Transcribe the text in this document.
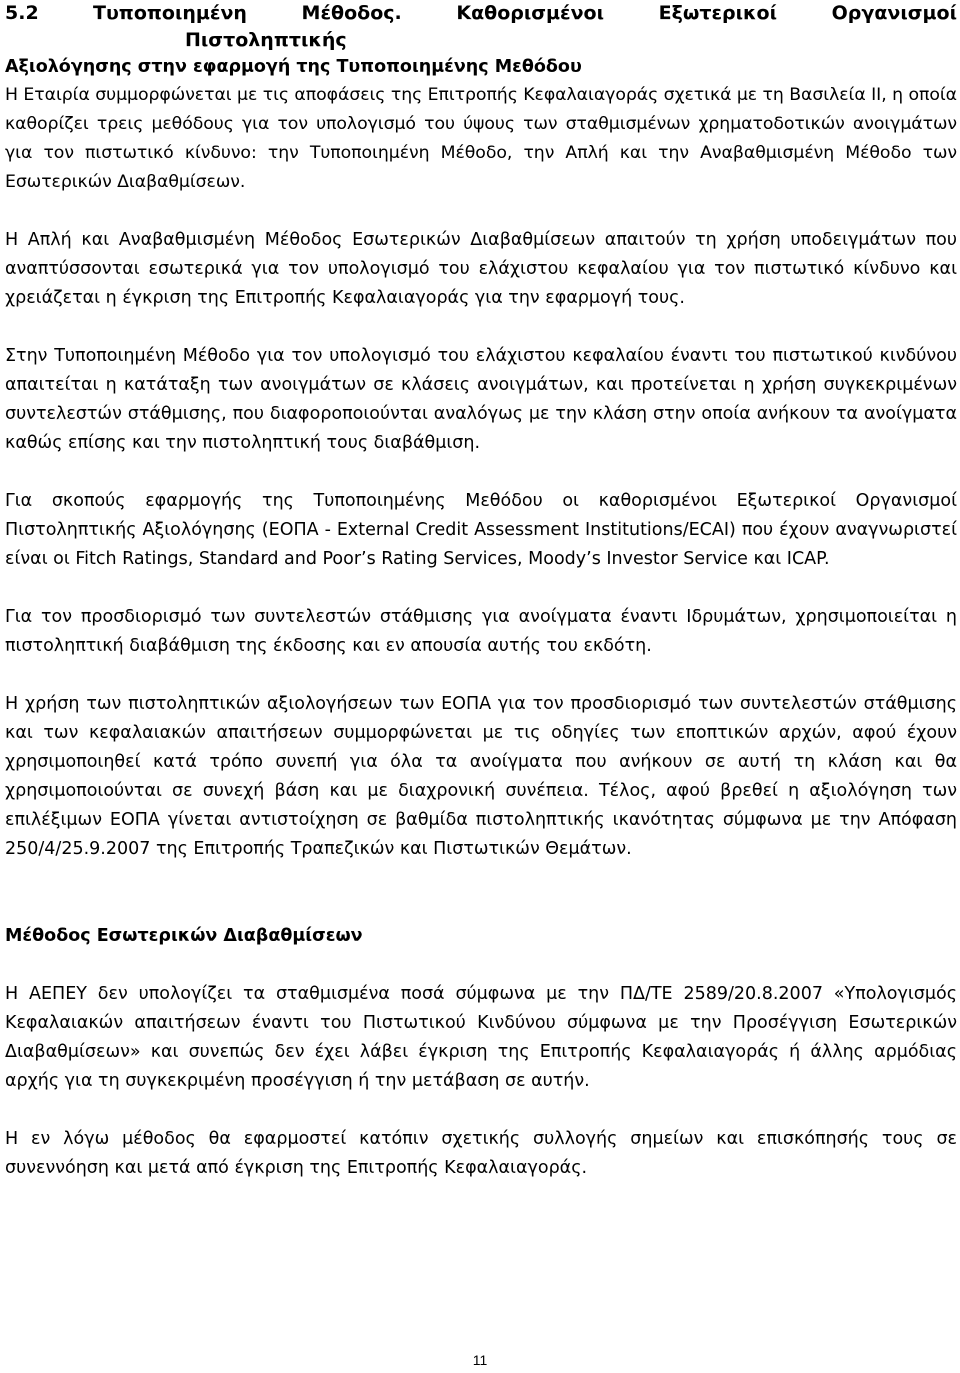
5.2	Τυποποιημένη	Μέθοδος.	Καθορισμένοι	Εξωτερικοί	Οργανισμοί
Πιστοληπτικής
Αξιολόγησης στην εφαρμογή της Τυποποιημένης Μεθόδου

Η Εταιρία συμμορφώνεται με τις αποφάσεις της Επιτροπής Κεφαλαιαγοράς σχετικά με τη Βασιλεία ΙΙ, η οποία καθορίζει τρεις μεθόδους για τον υπολογισμό του ύψους των σταθμισμένων χρηματοδοτικών ανοιγμάτων για τον πιστωτικό κίνδυνο: την Τυποποιημένη Μέθοδο, την Απλή και την Αναβαθμισμένη Μέθοδο των Εσωτερικών Διαβαθμίσεων.

Η Απλή και Αναβαθμισμένη Μέθοδος Εσωτερικών Διαβαθμίσεων απαιτούν τη χρήση υποδειγμάτων που αναπτύσσονται εσωτερικά για τον υπολογισμό του ελάχιστου κεφαλαίου για τον πιστωτικό κίνδυνο και χρειάζεται η έγκριση της Επιτροπής Κεφαλαιαγοράς για την εφαρμογή τους.

Στην Τυποποιημένη Μέθοδο για τον υπολογισμό του ελάχιστου κεφαλαίου έναντι του πιστωτικού κινδύνου απαιτείται η κατάταξη των ανοιγμάτων σε κλάσεις ανοιγμάτων, και προτείνεται η χρήση συγκεκριμένων συντελεστών στάθμισης, που διαφοροποιούνται αναλόγως με την κλάση στην οποία ανήκουν τα ανοίγματα καθώς επίσης και την πιστοληπτική τους διαβάθμιση.

Για σκοπούς εφαρμογής της Τυποποιημένης Μεθόδου οι καθορισμένοι Εξωτερικοί Οργανισμοί Πιστοληπτικής Αξιολόγησης (ΕΟΠΑ - External Credit Assessment Institutions/ECAI) που έχουν αναγνωριστεί είναι οι Fitch Ratings, Standard and Poor’s Rating Services, Moody’s Investor Service και ICAP.

Για τον προσδιορισμό των συντελεστών στάθμισης για ανοίγματα έναντι Ιδρυμάτων, χρησιμοποιείται η πιστοληπτική διαβάθμιση της έκδοσης και εν απουσία αυτής του εκδότη.

Η χρήση των πιστοληπτικών αξιολογήσεων των ΕΟΠΑ για τον προσδιορισμό των συντελεστών στάθμισης και των κεφαλαιακών απαιτήσεων συμμορφώνεται με τις οδηγίες των εποπτικών αρχών, αφού έχουν χρησιμοποιηθεί κατά τρόπο συνεπή για όλα τα ανοίγματα που ανήκουν σε αυτή τη κλάση και θα χρησιμοποιούνται σε συνεχή βάση και με διαχρονική συνέπεια. Τέλος, αφού βρεθεί η αξιολόγηση των επιλέξιμων ΕΟΠΑ γίνεται αντιστοίχηση σε βαθμίδα πιστοληπτικής ικανότητας σύμφωνα με την Απόφαση 250/4/25.9.2007 της Επιτροπής Τραπεζικών και Πιστωτικών Θεμάτων.

Μέθοδος Εσωτερικών Διαβαθμίσεων

Η ΑΕΠΕΥ δεν υπολογίζει τα σταθμισμένα ποσά σύμφωνα με την ΠΔ/ΤΕ 2589/20.8.2007 «Υπολογισμός Κεφαλαιακών απαιτήσεων έναντι του Πιστωτικού Κινδύνου σύμφωνα με την Προσέγγιση Εσωτερικών Διαβαθμίσεων» και συνεπώς δεν έχει λάβει έγκριση της Επιτροπής Κεφαλαιαγοράς ή άλλης αρμόδιας αρχής για τη συγκεκριμένη προσέγγιση ή την μετάβαση σε αυτήν.

Η εν λόγω μέθοδος θα εφαρμοστεί κατόπιν σχετικής συλλογής σημείων και επισκόπησής τους σε συνεννόηση και μετά από έγκριση της Επιτροπής Κεφαλαιαγοράς.

11
